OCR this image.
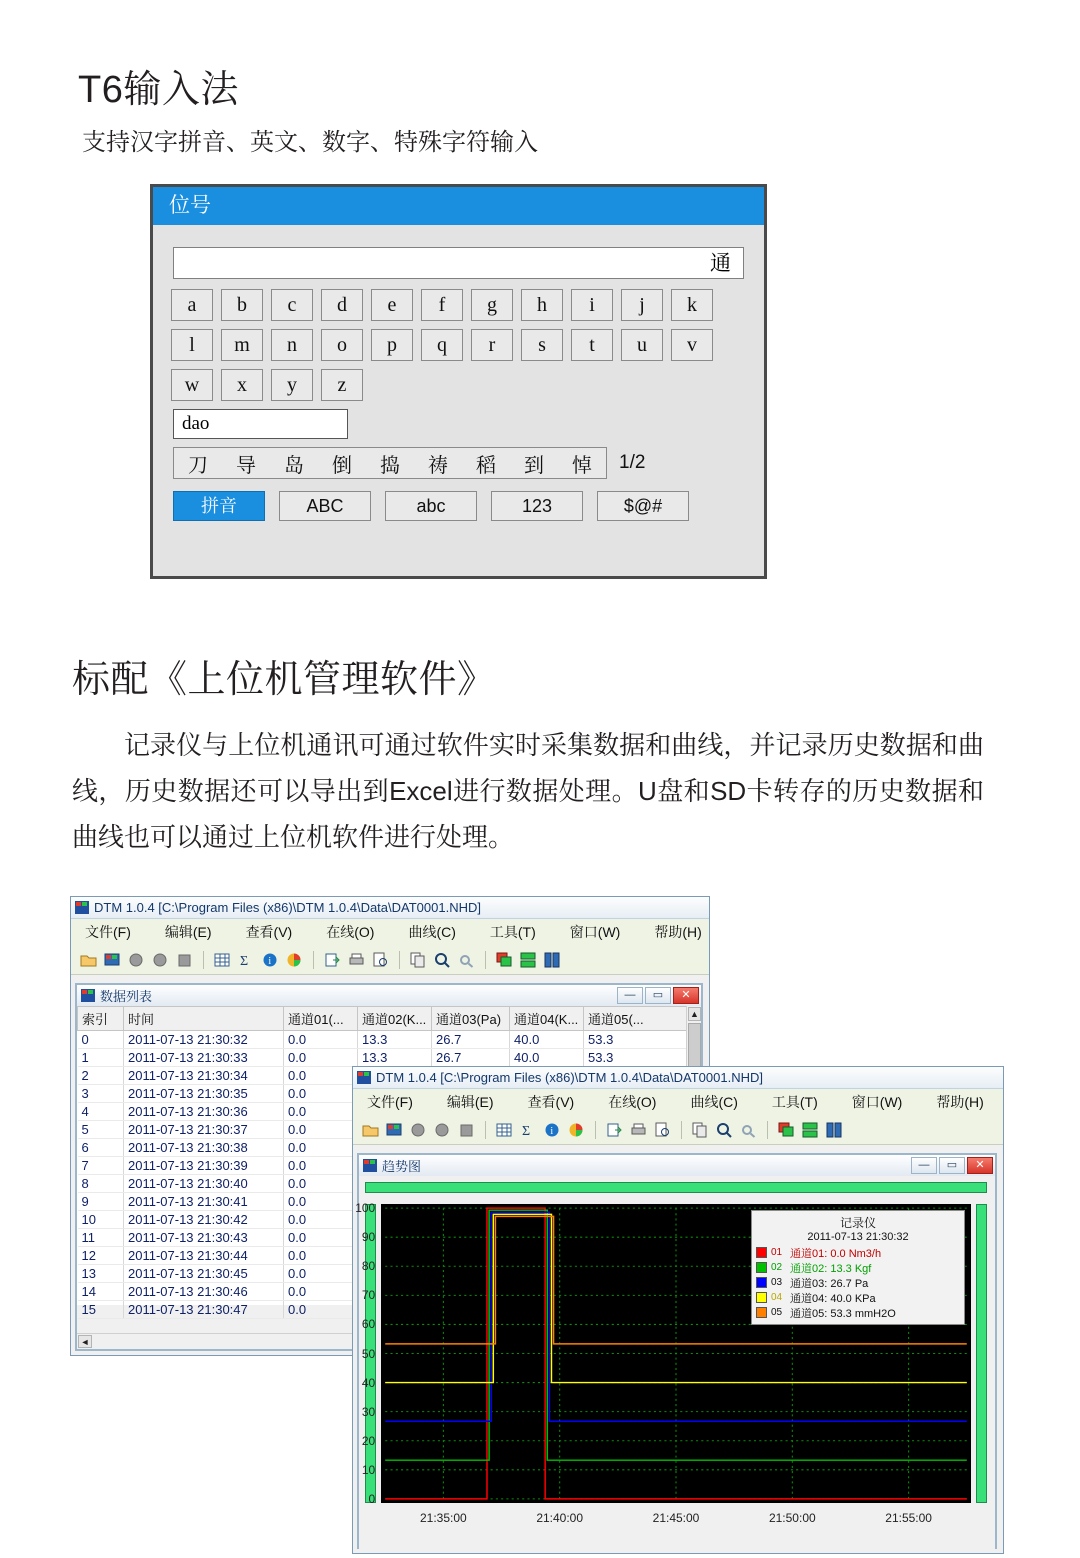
T6输入法
支持汉字拼音、英文、数字、特殊字符输入
位号
通
a	b	c	d	e	f	g	h	i	j	k
l	m	n	o	p	q	r	s	t	u	v
w	x	y	z
dao
刀 导 岛 倒 捣 祷 稻 到 悼 1/2
拼音	ABC	abc	123	$@#
标配《上位机管理软件》
记录仪与上位机通讯可通过软件实时采集数据和曲线，并记录历史数据和曲线，历史数据还可以导出到Excel进行数据处理。U盘和SD卡转存的历史数据和曲线也可以通过上位机软件进行处理。
DTM 1.0.4 [C:\Program Files (x86)\DTM 1.0.4\Data\DAT0001.NHD]
文件(F) 编辑(E) 查看(V) 在线(O) 曲线(C) 工具(T) 窗口(W) 帮助(H)
Σ i
数据列表	—	▭	✕
索引	时间	通道01(...	通道02(K...	通道03(Pa)	通道04(K...	通道05(...
0	2011-07-13 21:30:32	0.0	13.3	26.7	40.0	53.3
1	2011-07-13 21:30:33	0.0	13.3	26.7	40.0	53.3
2	2011-07-13 21:30:34	0.0				
3	2011-07-13 21:30:35	0.0				
4	2011-07-13 21:30:36	0.0				
5	2011-07-13 21:30:37	0.0				
6	2011-07-13 21:30:38	0.0				
7	2011-07-13 21:30:39	0.0				
8	2011-07-13 21:30:40	0.0				
9	2011-07-13 21:30:41	0.0				
10	2011-07-13 21:30:42	0.0				
11	2011-07-13 21:30:43	0.0				
12	2011-07-13 21:30:44	0.0				
13	2011-07-13 21:30:45	0.0				
14	2011-07-13 21:30:46	0.0				
15	2011-07-13 21:30:47	0.0				
▲
◄
DTM 1.0.4 [C:\Program Files (x86)\DTM 1.0.4\Data\DAT0001.NHD]
文件(F) 编辑(E) 查看(V) 在线(O) 曲线(C) 工具(T) 窗口(W) 帮助(H)
Σ i
趋势图	—	▭	✕
记录仪
2011-07-13 21:30:32
01 通道01: 0.0 Nm3/h
02 通道02: 13.3 Kgf
03 通道03: 26.7 Pa
04 通道04: 40.0 KPa
05 通道05: 53.3 mmH2O
0
10
20
30
40
50
60
70
80
90
100
21:35:00	21:40:00	21:45:00	21:50:00	21:55:00
